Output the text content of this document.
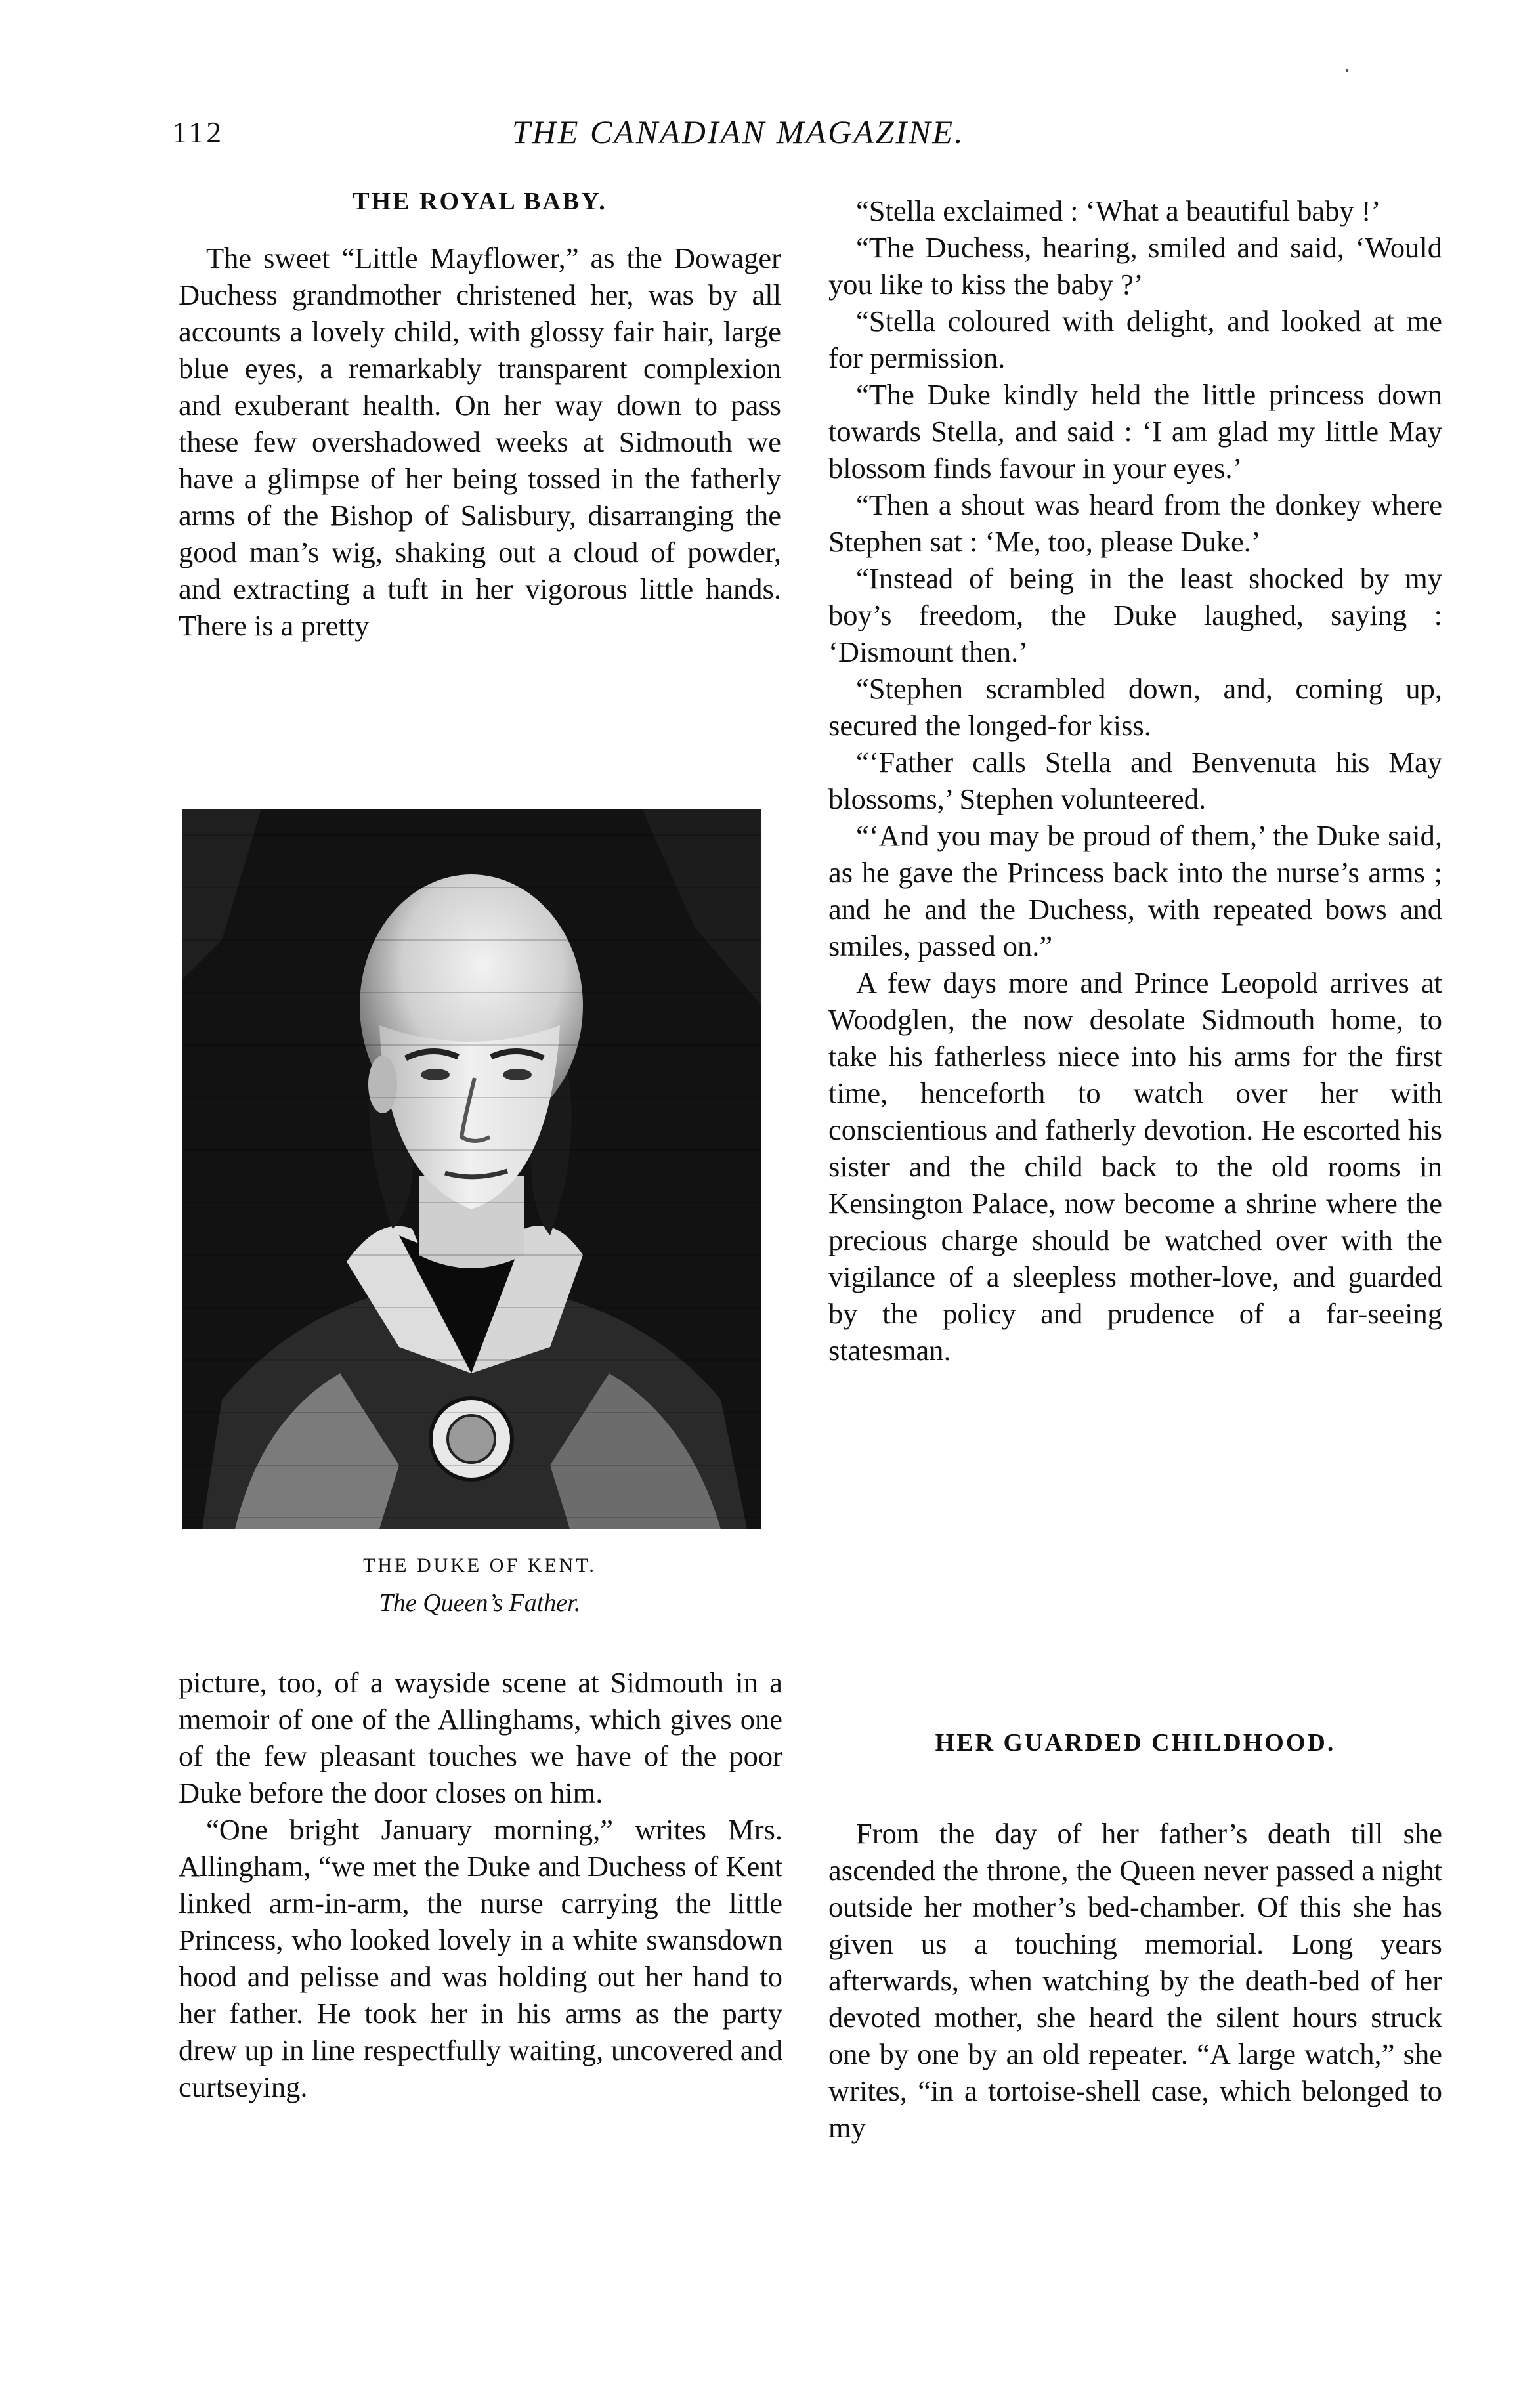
112	THE CANADIAN MAGAZINE.
THE ROYAL BABY.

The sweet “Little Mayflower,” as the Dowager Duchess grandmother christened her, was by all accounts a lovely child, with glossy fair hair, large blue eyes, a remarkably transparent complexion and exuberant health. On her way down to pass these few overshadowed weeks at Sidmouth we have a glimpse of her being tossed in the fatherly arms of the Bishop of Salisbury, disarranging the good man’s wig, shaking out a cloud of powder, and extracting a tuft in her vigorous little hands. There is a pretty

THE DUKE OF KENT.
The Queen’s Father.

picture, too, of a wayside scene at Sidmouth in a memoir of one of the Allinghams, which gives one of the few pleasant touches we have of the poor Duke before the door closes on him.

“One bright January morning,” writes Mrs. Allingham, “we met the Duke and Duchess of Kent linked arm-in-arm, the nurse carrying the little Princess, who looked lovely in a white swansdown hood and pelisse and was holding out her hand to her father. He took her in his arms as the party drew up in line respectfully waiting, uncovered and curtseying.

“Stella exclaimed : ‘What a beautiful baby !’

“The Duchess, hearing, smiled and said, ‘Would you like to kiss the baby ?’

“Stella coloured with delight, and looked at me for permission.

“The Duke kindly held the little princess down towards Stella, and said : ‘I am glad my little May blossom finds favour in your eyes.’

“Then a shout was heard from the donkey where Stephen sat : ‘Me, too, please Duke.’

“Instead of being in the least shocked by my boy’s freedom, the Duke laughed, saying : ‘Dismount then.’

“Stephen scrambled down, and, coming up, secured the longed-for kiss.

“‘Father calls Stella and Benvenuta his May blossoms,’ Stephen volunteered.

“‘And you may be proud of them,’ the Duke said, as he gave the Princess back into the nurse’s arms ; and he and the Duchess, with repeated bows and smiles, passed on.”

A few days more and Prince Leopold arrives at Woodglen, the now desolate Sidmouth home, to take his fatherless niece into his arms for the first time, henceforth to watch over her with conscientious and fatherly devotion. He escorted his sister and the child back to the old rooms in Kensington Palace, now become a shrine where the precious charge should be watched over with the vigilance of a sleepless mother-love, and guarded by the policy and prudence of a far-seeing statesman.

HER GUARDED CHILDHOOD.

From the day of her father’s death till she ascended the throne, the Queen never passed a night outside her mother’s bed-chamber. Of this she has given us a touching memorial. Long years afterwards, when watching by the death-bed of her devoted mother, she heard the silent hours struck one by one by an old repeater. “A large watch,” she writes, “in a tortoise-shell case, which belonged to my
